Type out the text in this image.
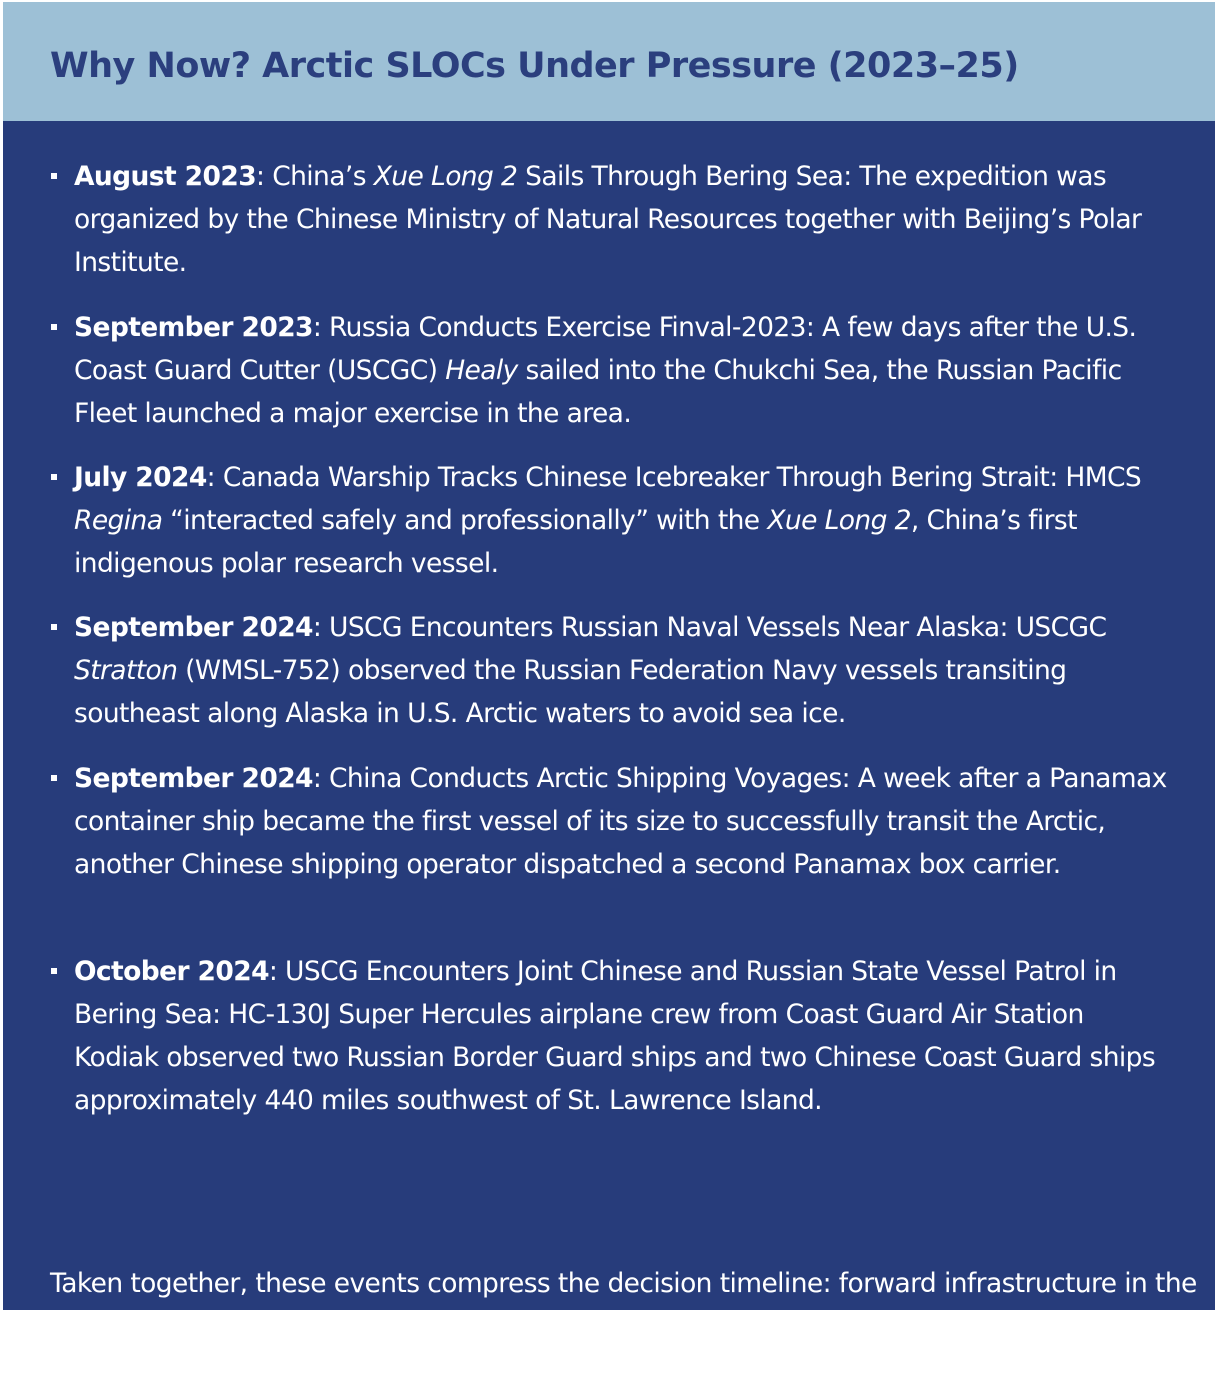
Why Now? Arctic SLOCs Under Pressure (2023–25)
August 2023: China’s Xue Long 2 Sails Through Bering Sea: The expedition was organized by the Chinese Ministry of Natural Resources together with Beijing’s Polar Institute.
September 2023: Russia Conducts Exercise Finval-2023: A few days after the U.S. Coast Guard Cutter (USCGC) Healy sailed into the Chukchi Sea, the Russian Pacific Fleet launched a major exercise in the area.
July 2024: Canada Warship Tracks Chinese Icebreaker Through Bering Strait: HMCS Regina “interacted safely and professionally” with the Xue Long 2, China’s first indigenous polar research vessel.
September 2024: USCG Encounters Russian Naval Vessels Near Alaska: USCGC Stratton (WMSL-752) observed the Russian Federation Navy vessels transiting southeast along Alaska in U.S. Arctic waters to avoid sea ice.
September 2024: China Conducts Arctic Shipping Voyages: A week after a Panamax container ship became the first vessel of its size to successfully transit the Arctic, another Chinese shipping operator dispatched a second Panamax box carrier.
October 2024: USCG Encounters Joint Chinese and Russian State Vessel Patrol in Bering Sea: HC-130J Super Hercules airplane crew from Coast Guard Air Station Kodiak observed two Russian Border Guard ships and two Chinese Coast Guard ships approximately 440 miles southwest of St. Lawrence Island.

Taken together, these events compress the decision timeline: forward infrastructure in the Bering Region is no longer optional; it is now the pacing requirement for U.S. Arctic presence.
